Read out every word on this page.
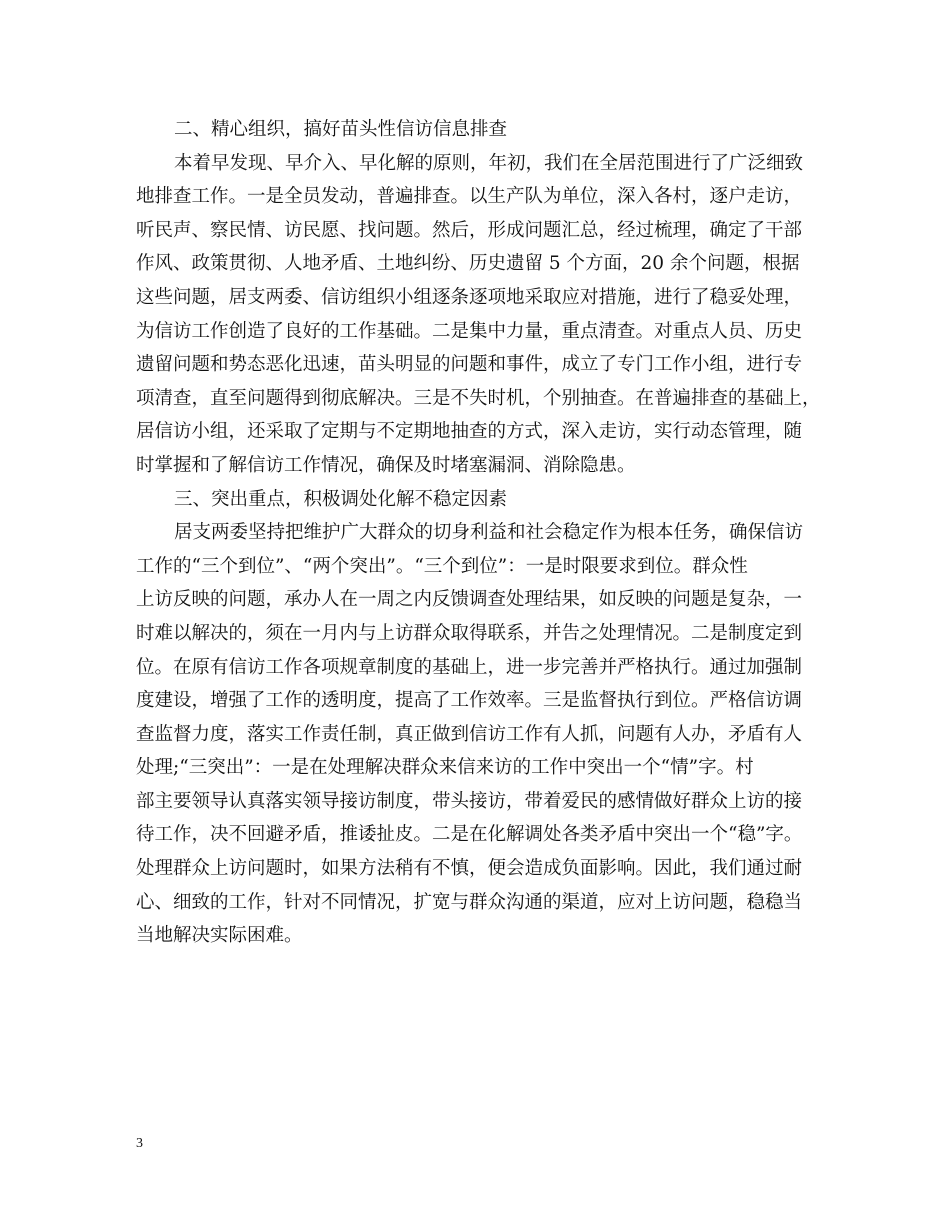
二、精心组织，搞好苗头性信访信息排查
本着早发现、早介入、早化解的原则，年初，我们在全居范围进行了广泛细致
地排查工作。一是全员发动，普遍排查。以生产队为单位，深入各村，逐户走访，
听民声、察民情、访民愿、找问题。然后，形成问题汇总，经过梳理，确定了干部
作风、政策贯彻、人地矛盾、土地纠纷、历史遗留 5 个方面，20 余个问题，根据
这些问题，居支两委、信访组织小组逐条逐项地采取应对措施，进行了稳妥处理，
为信访工作创造了良好的工作基础。二是集中力量，重点清查。对重点人员、历史
遗留问题和势态恶化迅速，苗头明显的问题和事件，成立了专门工作小组，进行专
项清查，直至问题得到彻底解决。三是不失时机，个别抽查。在普遍排查的基础上，
居信访小组，还采取了定期与不定期地抽查的方式，深入走访，实行动态管理，随
时掌握和了解信访工作情况，确保及时堵塞漏洞、消除隐患。
三、突出重点，积极调处化解不稳定因素
居支两委坚持把维护广大群众的切身利益和社会稳定作为根本任务，确保信访
工作的“三个到位”、“两个突出”。“三个到位”：一是时限要求到位。群众性
上访反映的问题，承办人在一周之内反馈调查处理结果，如反映的问题是复杂，一
时难以解决的，须在一月内与上访群众取得联系，并告之处理情况。二是制度定到
位。在原有信访工作各项规章制度的基础上，进一步完善并严格执行。通过加强制
度建设，增强了工作的透明度，提高了工作效率。三是监督执行到位。严格信访调
查监督力度，落实工作责任制，真正做到信访工作有人抓，问题有人办，矛盾有人
处理;“三突出”：一是在处理解决群众来信来访的工作中突出一个“情”字。村
部主要领导认真落实领导接访制度，带头接访，带着爱民的感情做好群众上访的接
待工作，决不回避矛盾，推诿扯皮。二是在化解调处各类矛盾中突出一个“稳”字。
处理群众上访问题时，如果方法稍有不慎，便会造成负面影响。因此，我们通过耐
心、细致的工作，针对不同情况，扩宽与群众沟通的渠道，应对上访问题，稳稳当
当地解决实际困难。
3
